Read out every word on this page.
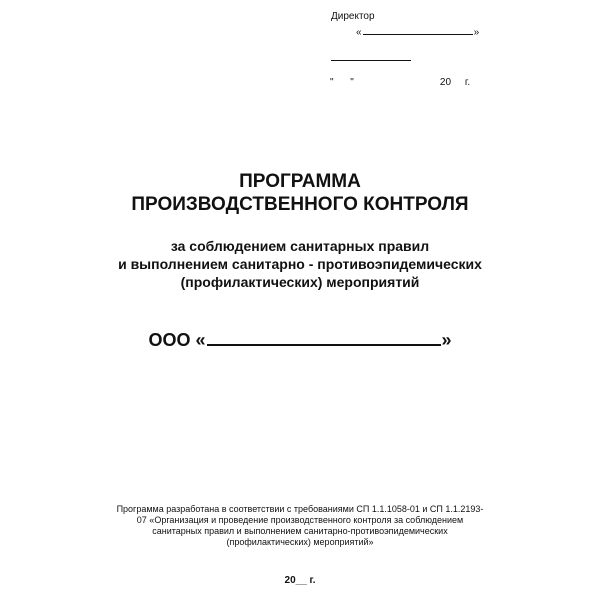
Директор
«	»
"      "                               20     г.
ПРОГРАММА
ПРОИЗВОДСТВЕННОГО КОНТРОЛЯ
за соблюдением санитарных правил
и выполнением санитарно - противоэпидемических
(профилактических) мероприятий
ООО «	»
Программа разработана в соответствии с требованиями СП 1.1.1058-01 и СП 1.1.2193-
07 «Организация и проведение производственного контроля за соблюдением
санитарных правил и выполнением санитарно-противоэпидемических
(профилактических) мероприятий»
20__ г.
